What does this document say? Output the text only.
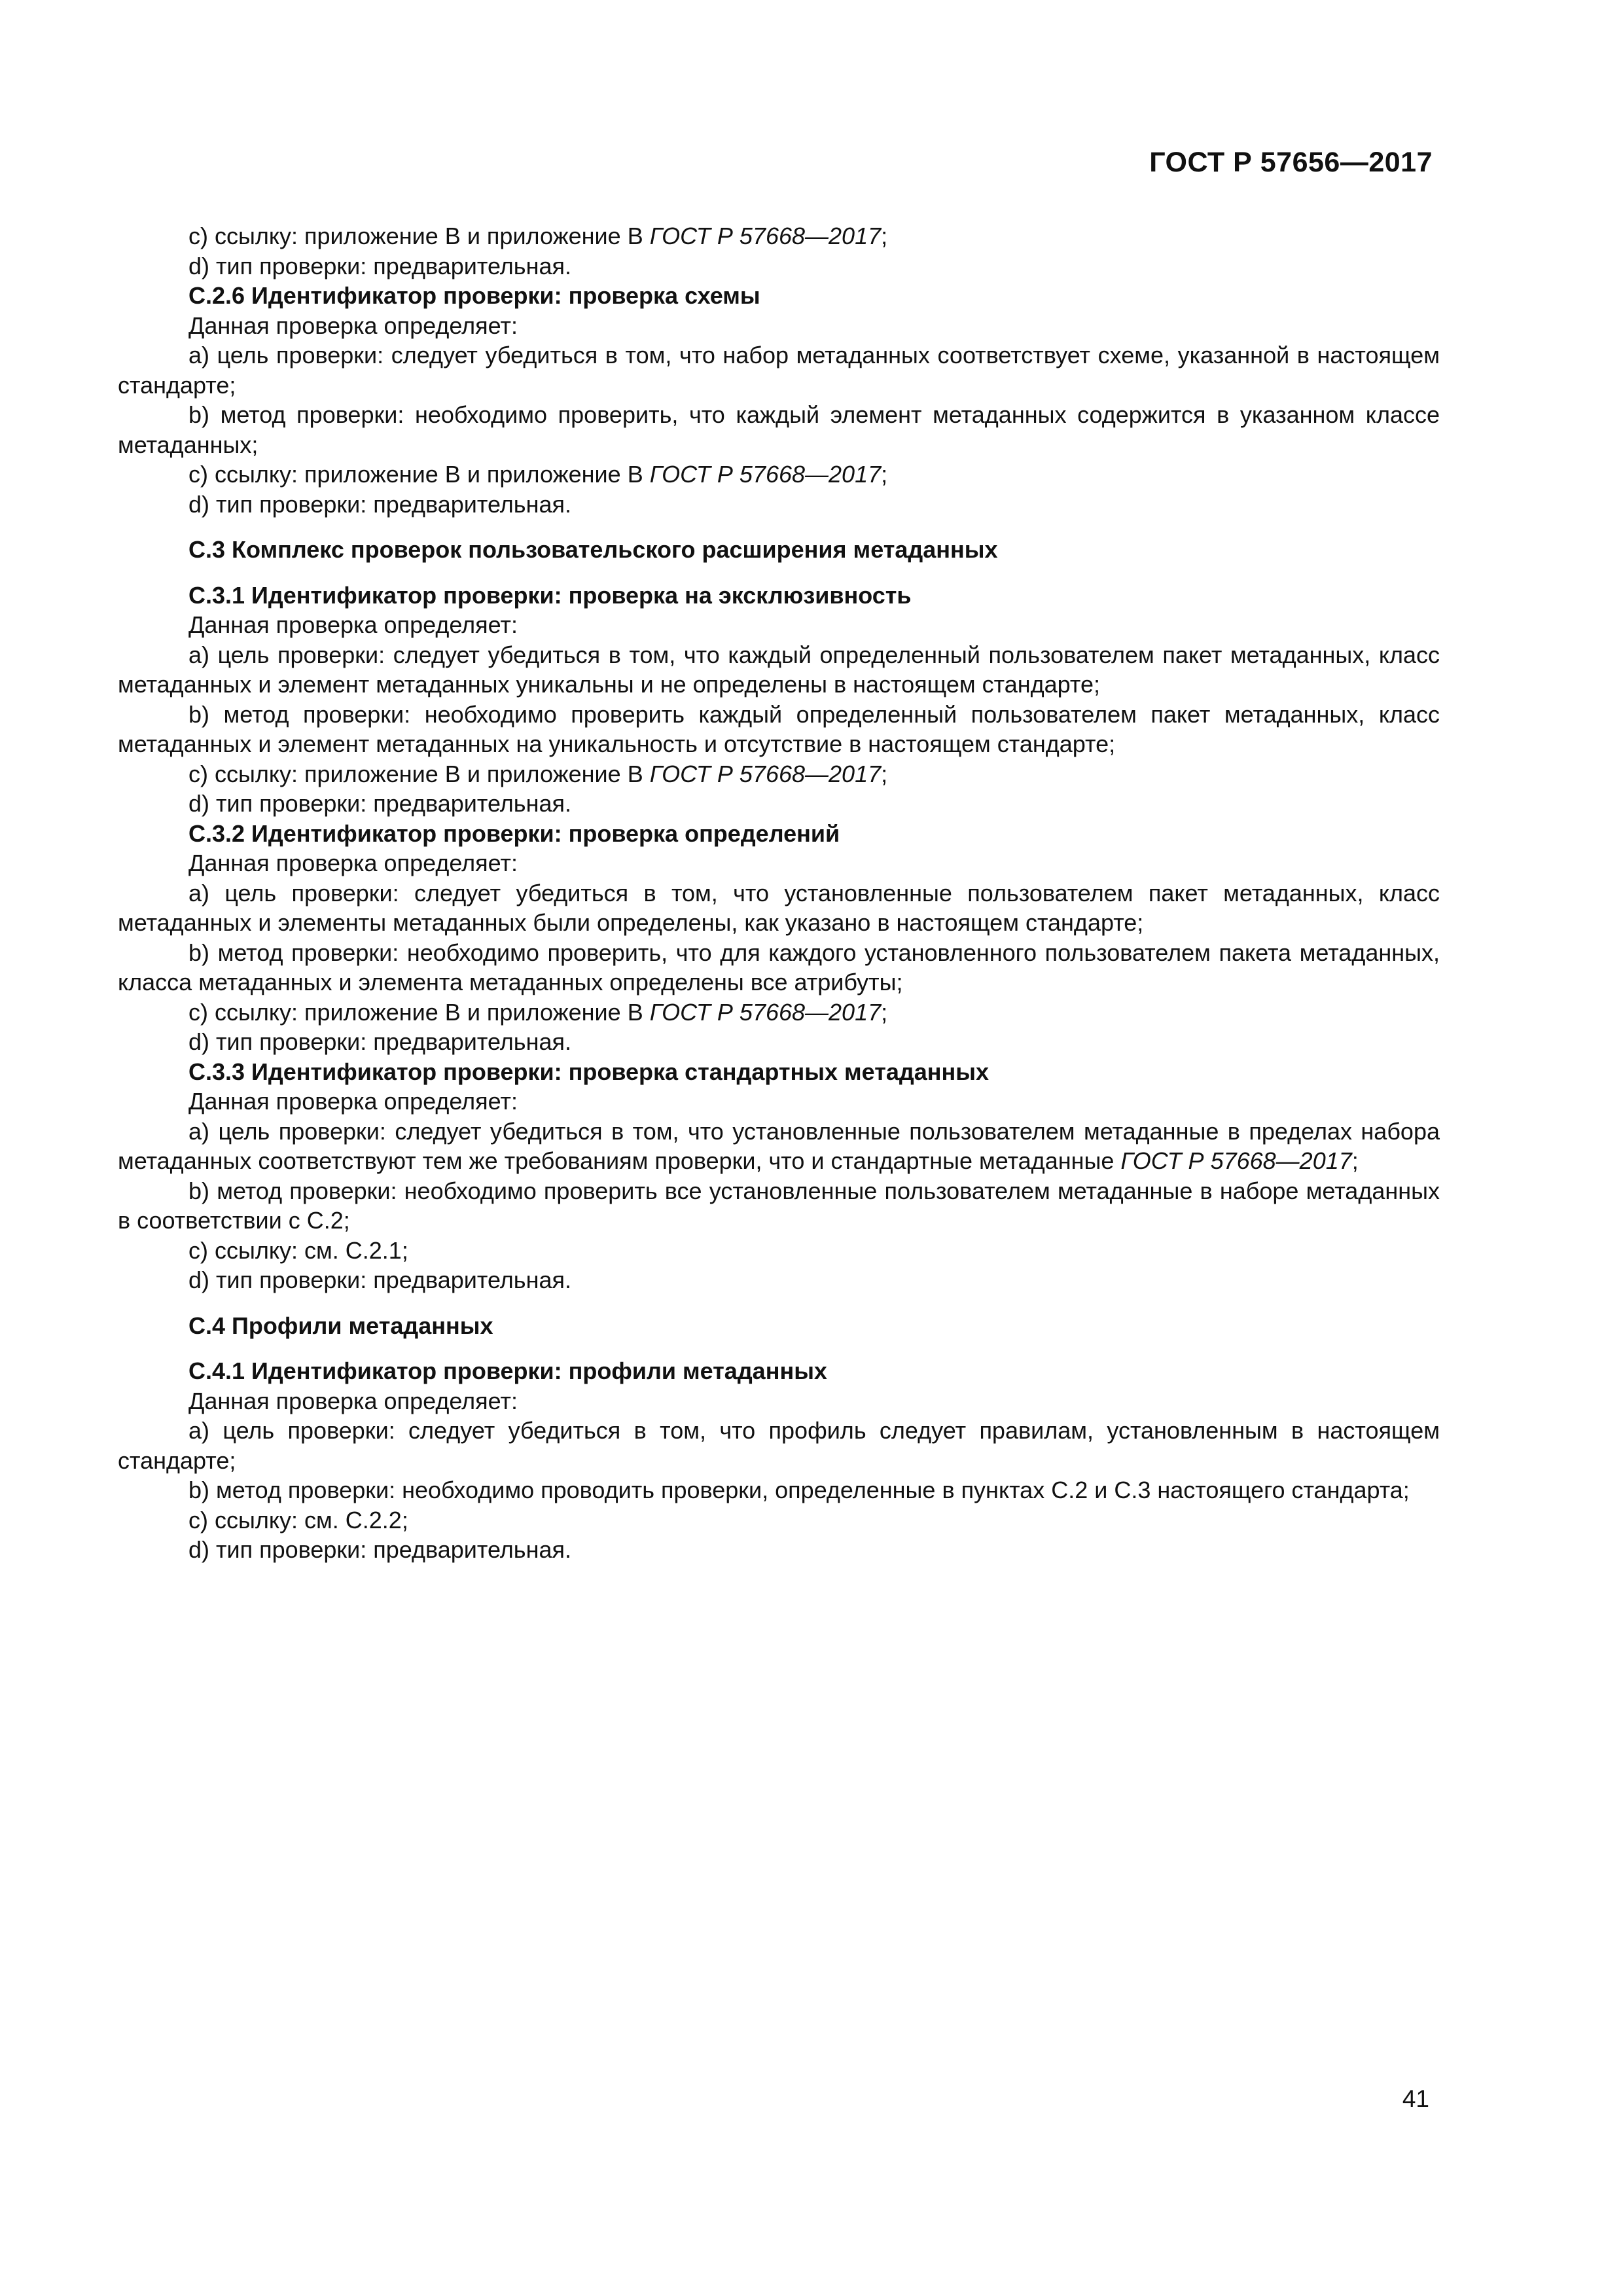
ГОСТ Р 57656—2017

с) ссылку: приложение В и приложение В ГОСТ Р 57668—2017;

d) тип проверки: предварительная.

С.2.6 Идентификатор проверки: проверка схемы

Данная проверка определяет:

а) цель проверки: следует убедиться в том, что набор метаданных соответствует схеме, указанной в настоящем стандарте;

b) метод проверки: необходимо проверить, что каждый элемент метаданных содержится в указанном классе метаданных;

с) ссылку: приложение В и приложение В ГОСТ Р 57668—2017;

d) тип проверки: предварительная.

С.3 Комплекс проверок пользовательского расширения метаданных

С.3.1 Идентификатор проверки: проверка на эксклюзивность

Данная проверка определяет:

а) цель проверки: следует убедиться в том, что каждый определенный пользователем пакет метаданных, класс метаданных и элемент метаданных уникальны и не определены в настоящем стандарте;

b) метод проверки: необходимо проверить каждый определенный пользователем пакет метаданных, класс метаданных и элемент метаданных на уникальность и отсутствие в настоящем стандарте;

с) ссылку: приложение В и приложение В ГОСТ Р 57668—2017;

d) тип проверки: предварительная.

С.3.2 Идентификатор проверки: проверка определений

Данная проверка определяет:

а) цель проверки: следует убедиться в том, что установленные пользователем пакет метаданных, класс метаданных и элементы метаданных были определены, как указано в настоящем стандарте;

b) метод проверки: необходимо проверить, что для каждого установленного пользователем пакета метаданных, класса метаданных и элемента метаданных определены все атрибуты;

с) ссылку: приложение В и приложение В ГОСТ Р 57668—2017;

d) тип проверки: предварительная.

С.3.3 Идентификатор проверки: проверка стандартных метаданных

Данная проверка определяет:

а) цель проверки: следует убедиться в том, что установленные пользователем метаданные в пределах набора метаданных соответствуют тем же требованиям проверки, что и стандартные метаданные ГОСТ Р 57668—2017;

b) метод проверки: необходимо проверить все установленные пользователем метаданные в наборе метаданных в соответствии с С.2;

с) ссылку: см. С.2.1;

d) тип проверки: предварительная.

С.4 Профили метаданных

С.4.1 Идентификатор проверки: профили метаданных

Данная проверка определяет:

а) цель проверки: следует убедиться в том, что профиль следует правилам, установленным в настоящем стандарте;

b) метод проверки: необходимо проводить проверки, определенные в пунктах С.2 и С.3 настоящего стандарта;

с) ссылку: см. С.2.2;

d) тип проверки: предварительная.

41
